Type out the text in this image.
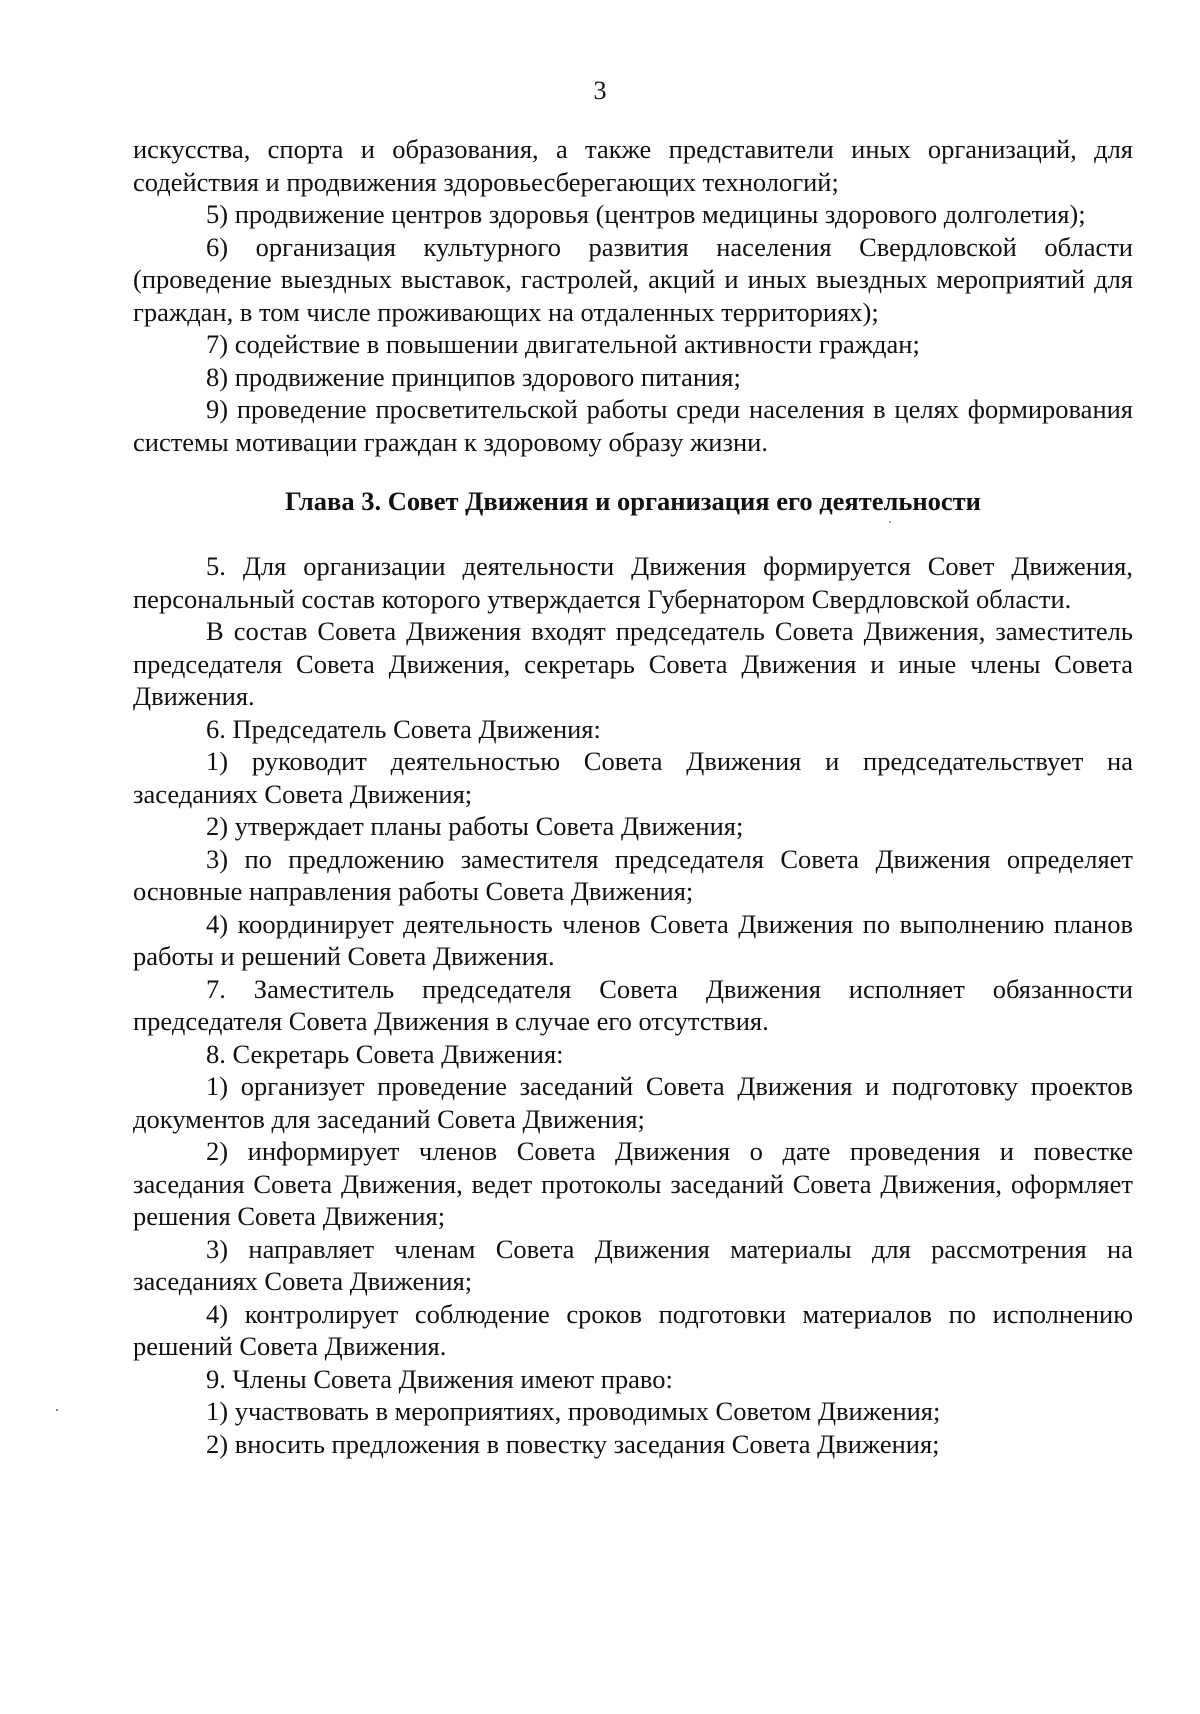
3

искусства, спорта и образования, а также представители иных организаций, для содействия и продвижения здоровьесберегающих технологий;

5) продвижение центров здоровья (центров медицины здорового долголетия);

6) организация культурного развития населения Свердловской области (проведение выездных выставок, гастролей, акций и иных выездных мероприятий для граждан, в том числе проживающих на отдаленных территориях);

7) содействие в повышении двигательной активности граждан;

8) продвижение принципов здорового питания;

9) проведение просветительской работы среди населения в целях формирования системы мотивации граждан к здоровому образу жизни.

Глава 3. Совет Движения и организация его деятельности

5. Для организации деятельности Движения формируется Совет Движения, персональный состав которого утверждается Губернатором Свердловской области.

В состав Совета Движения входят председатель Совета Движения, заместитель председателя Совета Движения, секретарь Совета Движения и иные члены Совета Движения.

6. Председатель Совета Движения:

1) руководит деятельностью Совета Движения и председательствует на заседаниях Совета Движения;

2) утверждает планы работы Совета Движения;

3) по предложению заместителя председателя Совета Движения определяет основные направления работы Совета Движения;

4) координирует деятельность членов Совета Движения по выполнению планов работы и решений Совета Движения.

7. Заместитель председателя Совета Движения исполняет обязанности председателя Совета Движения в случае его отсутствия.

8. Секретарь Совета Движения:

1) организует проведение заседаний Совета Движения и подготовку проектов документов для заседаний Совета Движения;

2) информирует членов Совета Движения о дате проведения и повестке заседания Совета Движения, ведет протоколы заседаний Совета Движения, оформляет решения Совета Движения;

3) направляет членам Совета Движения материалы для рассмотрения на заседаниях Совета Движения;

4) контролирует соблюдение сроков подготовки материалов по исполнению решений Совета Движения.

9. Члены Совета Движения имеют право:

1) участвовать в мероприятиях, проводимых Советом Движения;

2) вносить предложения в повестку заседания Совета Движения;
